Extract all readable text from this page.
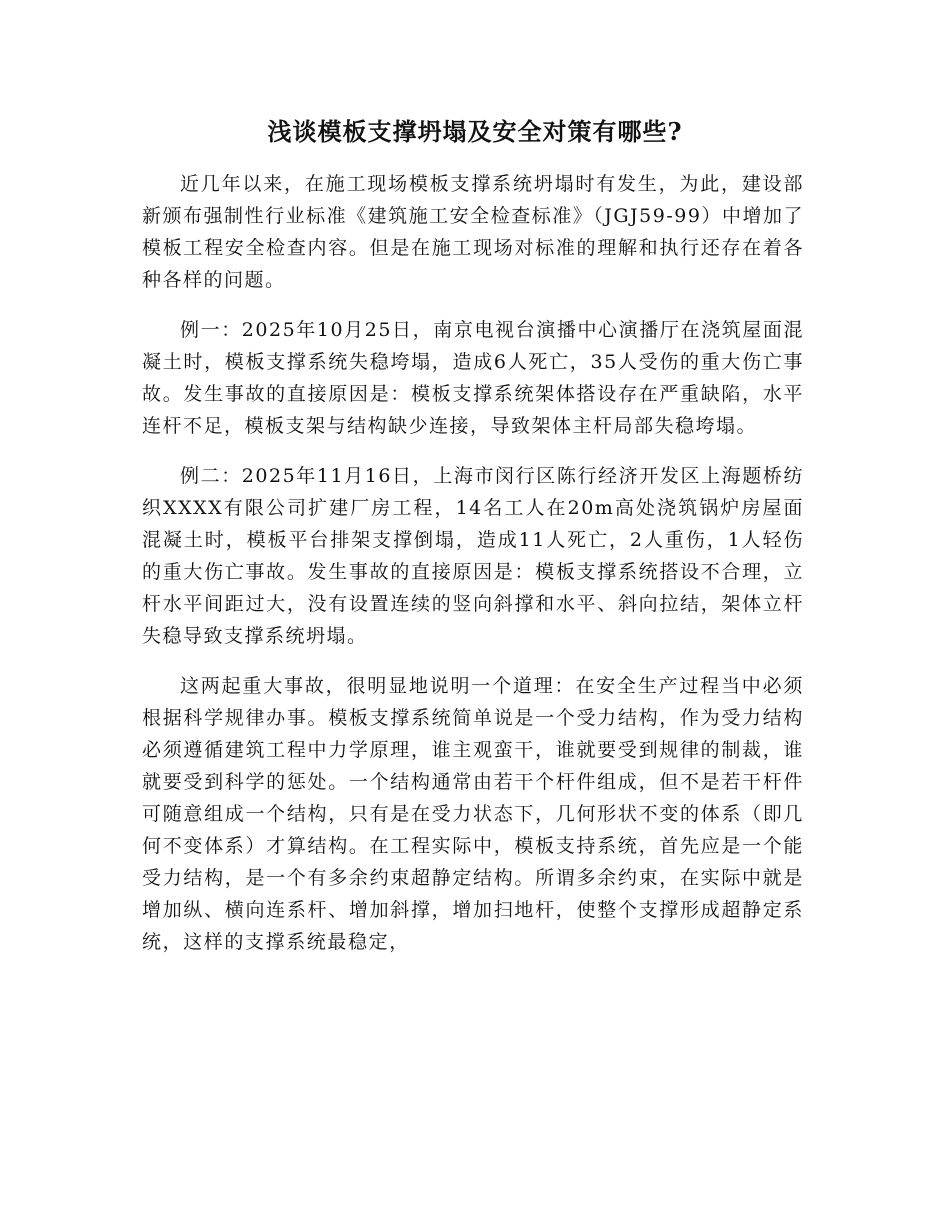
浅谈模板支撑坍塌及安全对策有哪些?

近几年以来，在施工现场模板支撑系统坍塌时有发生，为此，建设部新颁布强制性行业标准《建筑施工安全检查标准》（JGJ59-99）中增加了模板工程安全检查内容。但是在施工现场对标准的理解和执行还存在着各种各样的问题。

例一：2025年10月25日，南京电视台演播中心演播厅在浇筑屋面混凝土时，模板支撑系统失稳垮塌，造成6人死亡，35人受伤的重大伤亡事故。发生事故的直接原因是：模板支撑系统架体搭设存在严重缺陷，水平连杆不足，模板支架与结构缺少连接，导致架体主杆局部失稳垮塌。

例二：2025年11月16日，上海市闵行区陈行经济开发区上海题桥纺织XXXX有限公司扩建厂房工程，14名工人在20m高处浇筑锅炉房屋面混凝土时，模板平台排架支撑倒塌，造成11人死亡，2人重伤，1人轻伤的重大伤亡事故。发生事故的直接原因是：模板支撑系统搭设不合理，立杆水平间距过大，没有设置连续的竖向斜撑和水平、斜向拉结，架体立杆失稳导致支撑系统坍塌。

这两起重大事故，很明显地说明一个道理：在安全生产过程当中必须根据科学规律办事。模板支撑系统简单说是一个受力结构，作为受力结构必须遵循建筑工程中力学原理，谁主观蛮干，谁就要受到规律的制裁，谁就要受到科学的惩处。一个结构通常由若干个杆件组成，但不是若干杆件可随意组成一个结构，只有是在受力状态下，几何形状不变的体系（即几何不变体系）才算结构。在工程实际中，模板支持系统，首先应是一个能受力结构，是一个有多余约束超静定结构。所谓多余约束，在实际中就是增加纵、横向连系杆、增加斜撑，增加扫地杆，使整个支撑形成超静定系统，这样的支撑系统最稳定，
